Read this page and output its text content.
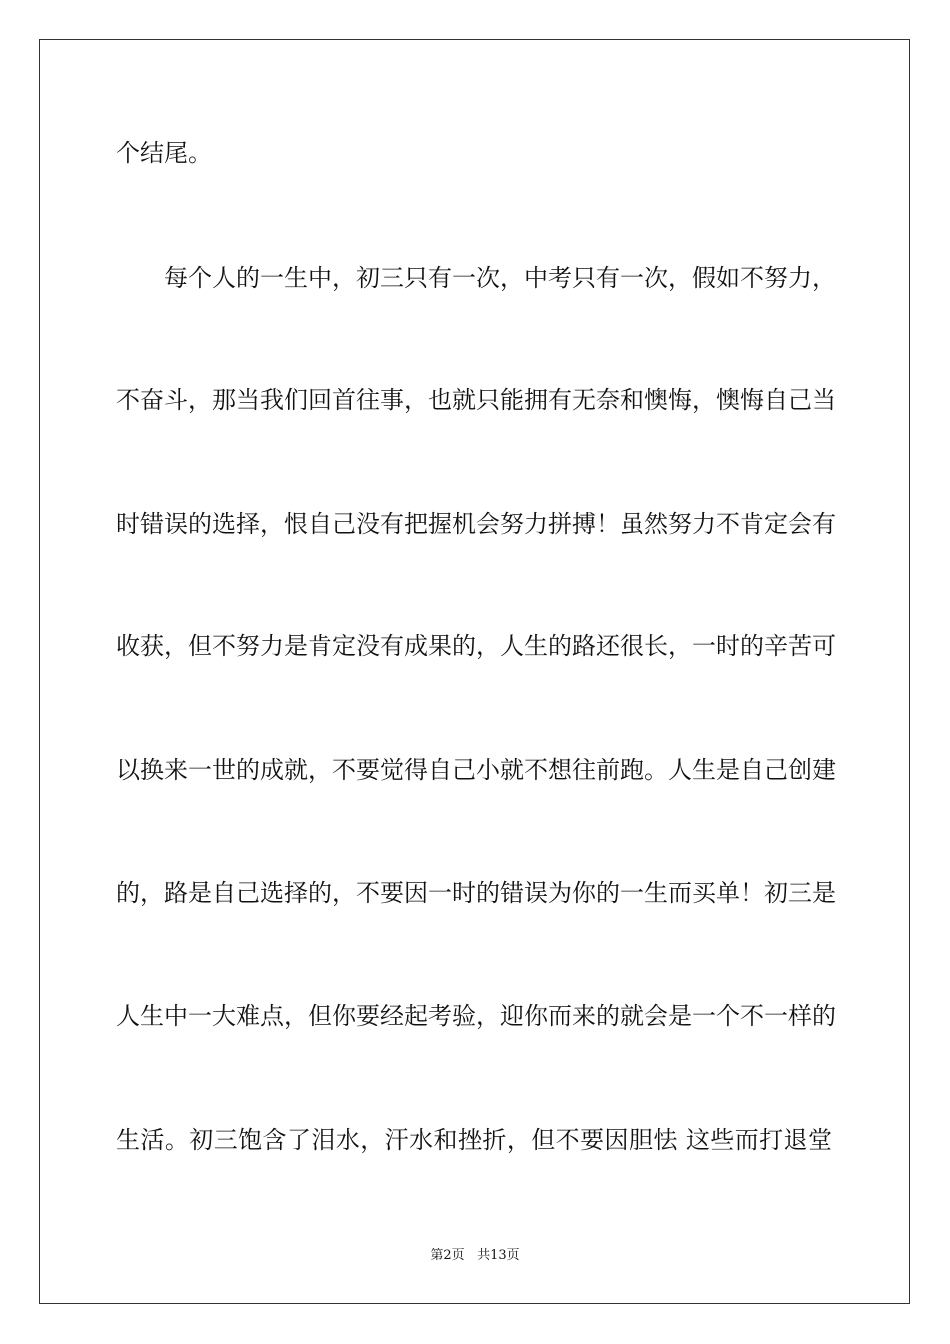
个结尾。
每个人的一生中，初三只有一次，中考只有一次，假如不努力，
不奋斗，那当我们回首往事，也就只能拥有无奈和懊悔，懊悔自己当
时错误的选择，恨自己没有把握机会努力拼搏！虽然努力不肯定会有
收获，但不努力是肯定没有成果的，人生的路还很长，一时的辛苦可
以换来一世的成就，不要觉得自己小就不想往前跑。人生是自己创建
的，路是自己选择的，不要因一时的错误为你的一生而买单！初三是
人生中一大难点，但你要经起考验，迎你而来的就会是一个不一样的
生活。初三饱含了泪水，汗水和挫折，但不要因胆怯 这些而打退堂
第2页 共13页
